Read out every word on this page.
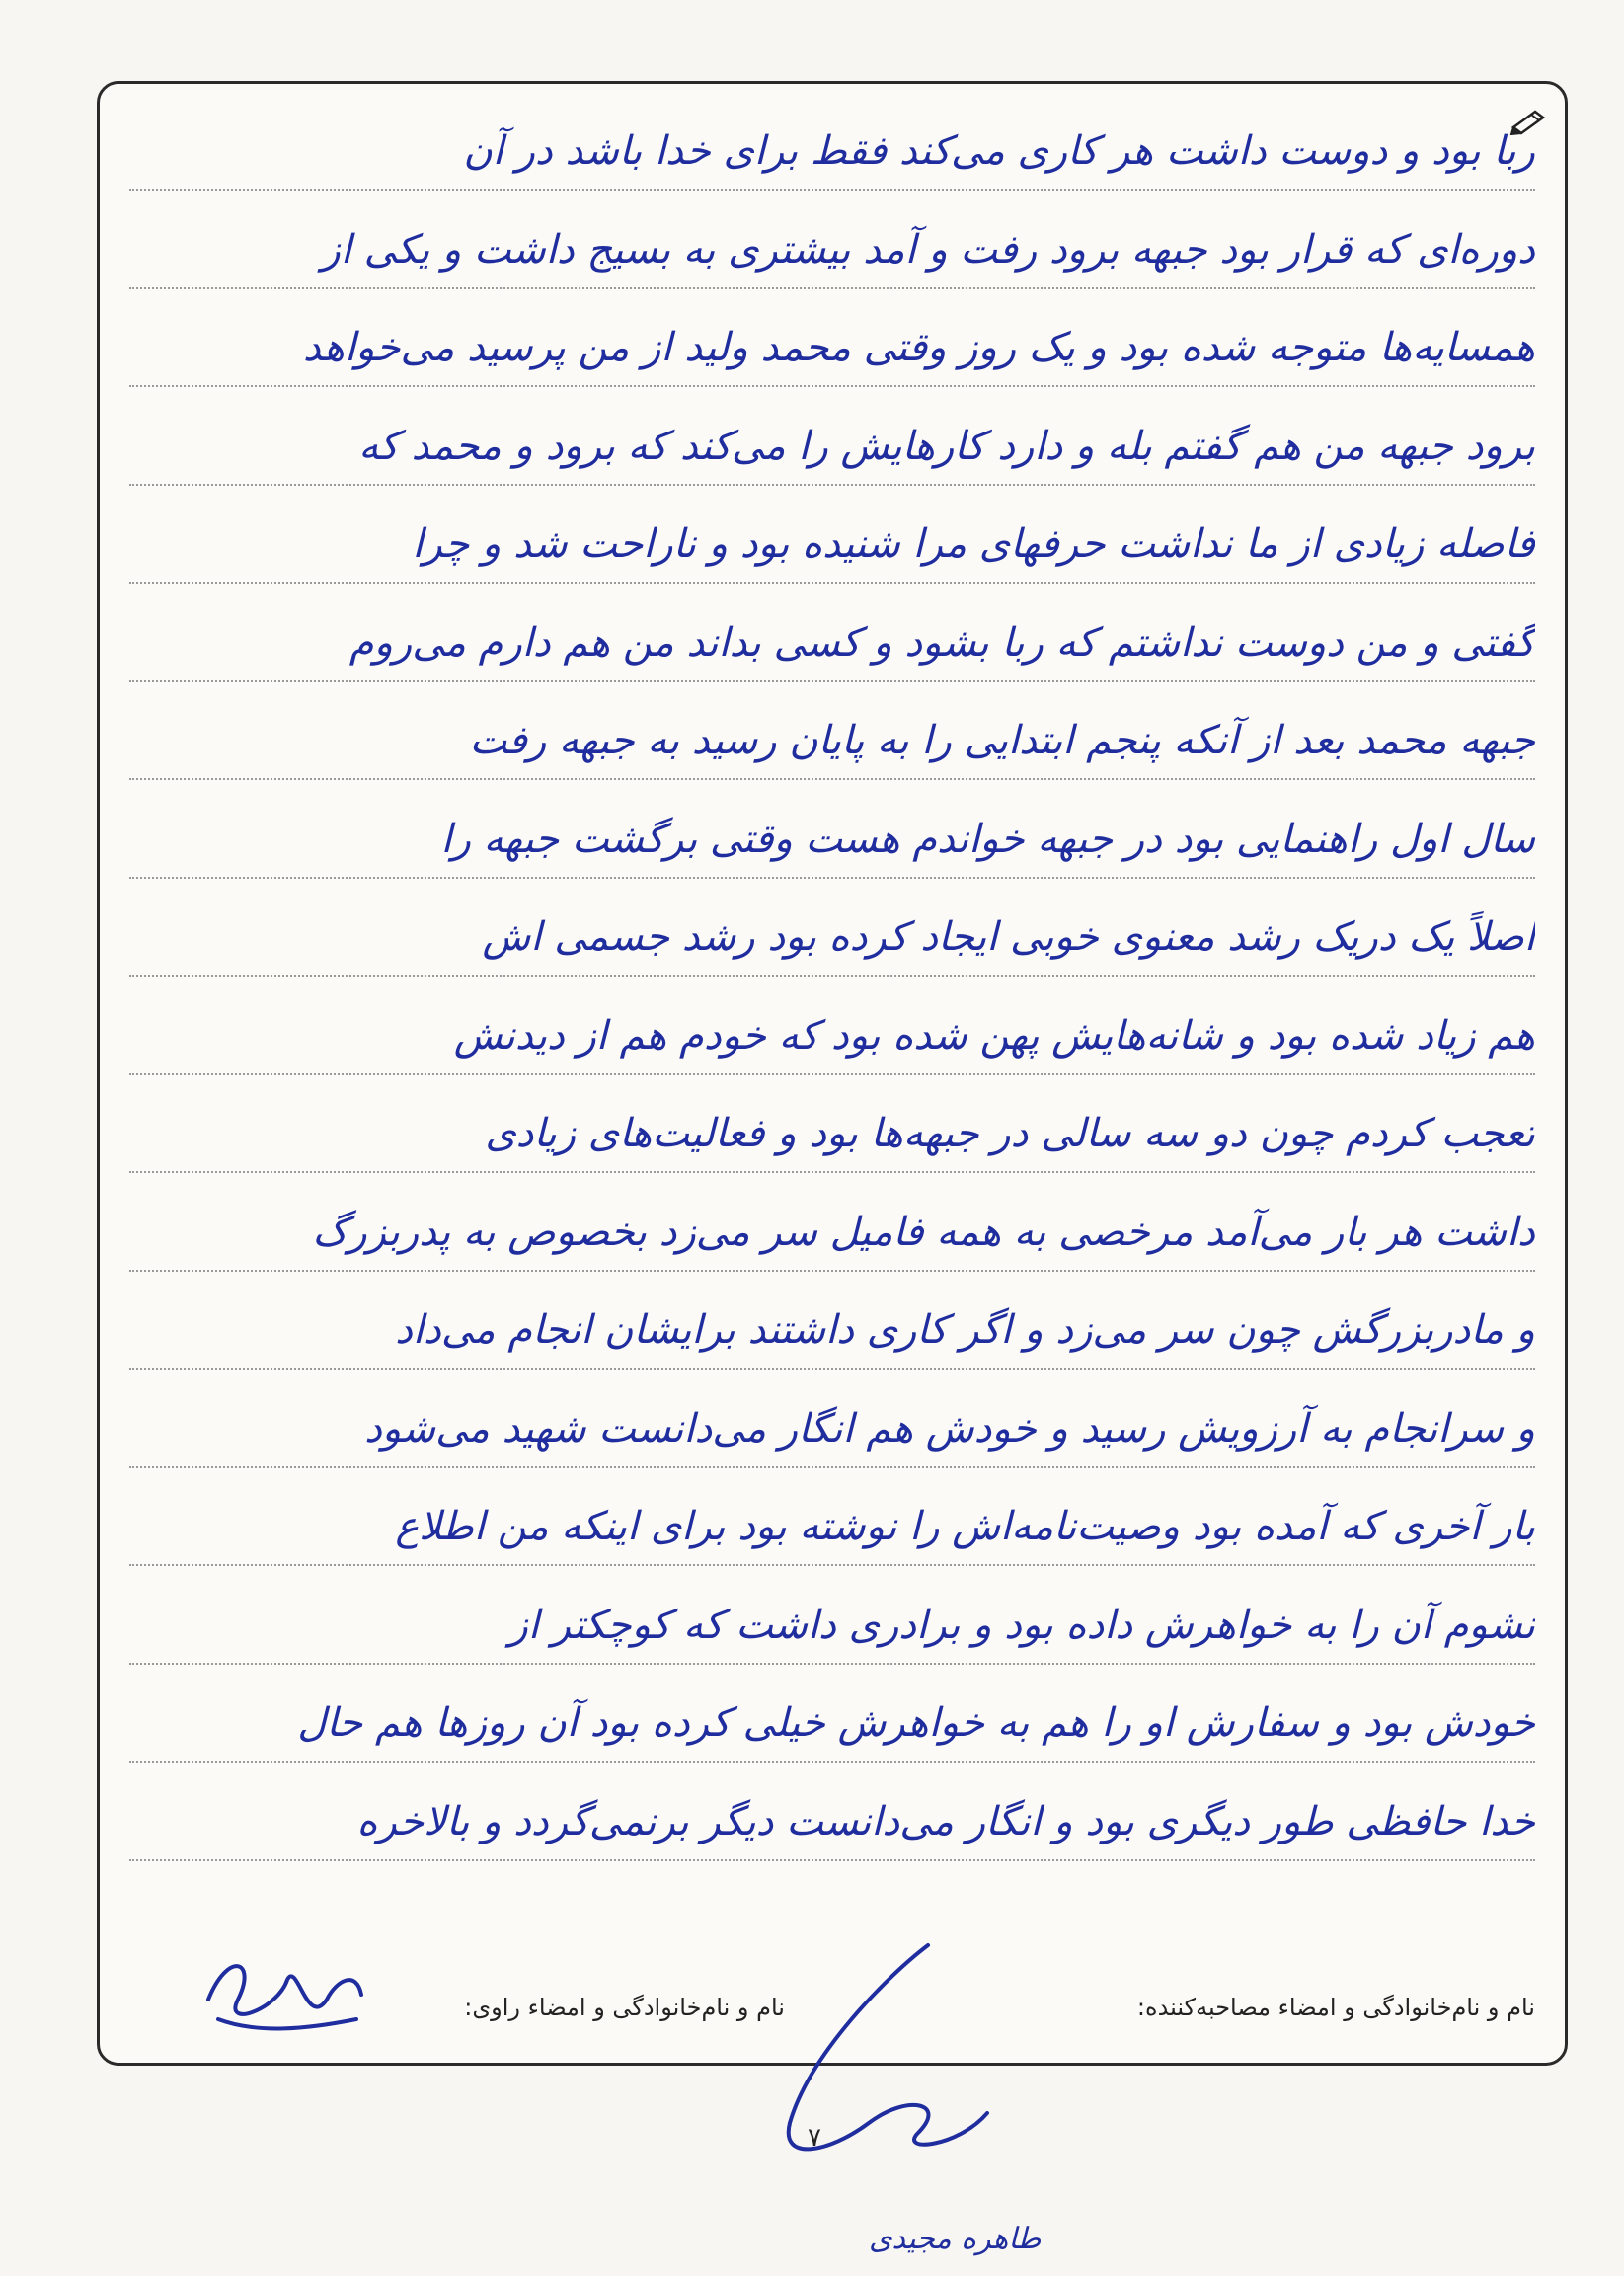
ربا بود و دوست داشت هر کاری می‌کند فقط برای خدا باشد در آن
دوره‌ای که قرار بود جبهه برود رفت و آمد بیشتری به بسیج داشت و یکی از
همسایه‌ها متوجه شده بود و یک روز وقتی محمد ولید از من پرسید می‌خواهد
برود جبهه من هم گفتم بله و دارد کارهایش را می‌کند که برود و محمد که
فاصله زیادی از ما نداشت حرفهای مرا شنیده بود و ناراحت شد و چرا
گفتی و من دوست نداشتم که ربا بشود و کسی بداند من هم دارم می‌روم
جبهه محمد بعد از آنکه پنجم ابتدایی را به پایان رسید به جبهه رفت
سال اول راهنمایی بود در جبهه خواندم هست وقتی برگشت جبهه را
اصلاً یک دریک رشد معنوی خوبی ایجاد کرده بود رشد جسمی اش
هم زیاد شده بود و شانه‌هایش پهن شده بود که خودم هم از دیدنش
تعجب کردم چون دو سه سالی در جبهه‌ها بود و فعالیت‌های زیادی
داشت هر بار می‌آمد مرخصی به همه فامیل سر می‌زد بخصوص به پدربزرگ
و مادربزرگش چون سر می‌زد و اگر کاری داشتند برایشان انجام می‌داد
و سرانجام به آرزویش رسید و خودش هم انگار می‌دانست شهید می‌شود
بار آخری که آمده بود وصیت‌نامه‌اش را نوشته بود برای اینکه من اطلاع
نشوم آن را به خواهرش داده بود و برادری داشت که کوچکتر از
خودش بود و سفارش او را هم به خواهرش خیلی کرده بود آن روزها هم حال
خدا حافظی طور دیگری بود و انگار می‌دانست دیگر برنمی‌گردد و بالاخره
نام و نام‌خانوادگی و امضاء مصاحبه‌کننده:
نام و نام‌خانوادگی و امضاء راوی:
۷
طاهره مجیدی
